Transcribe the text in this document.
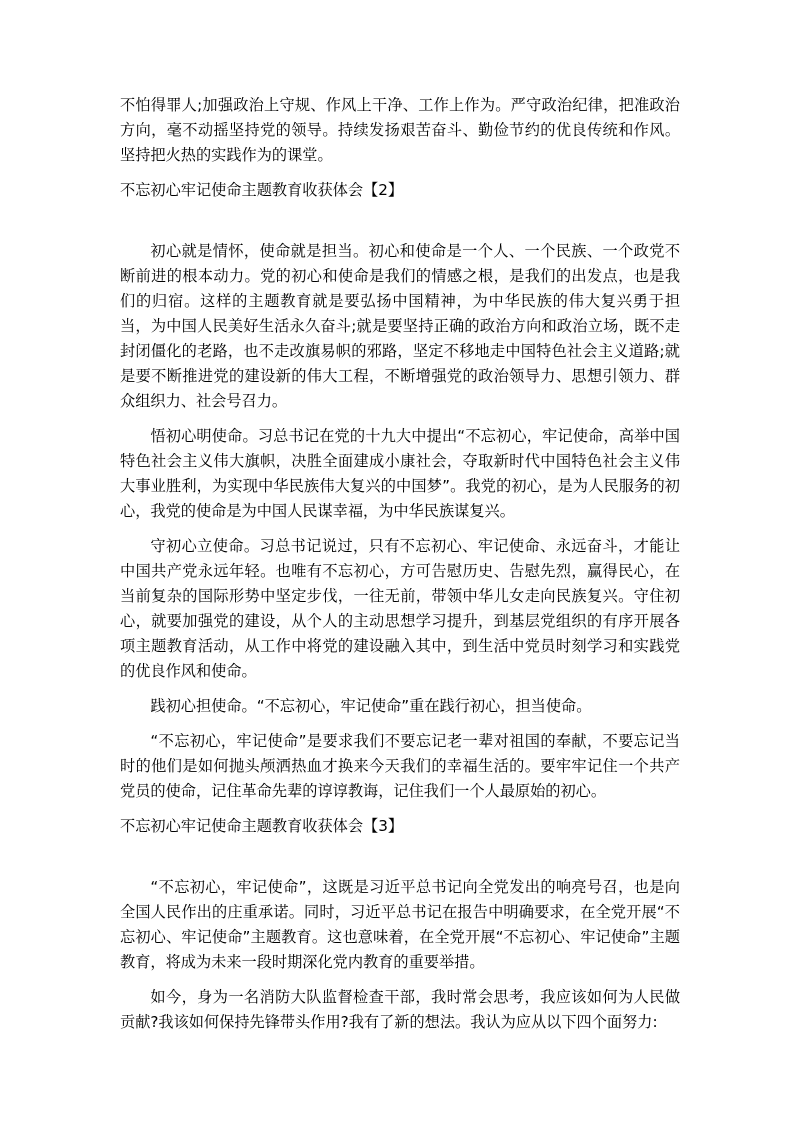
不怕得罪人;加强政治上守规、作风上干净、工作上作为。严守政治纪律，把准政治方向，毫不动摇坚持党的领导。持续发扬艰苦奋斗、勤俭节约的优良传统和作风。坚持把火热的实践作为的课堂。

不忘初心牢记使命主题教育收获体会【2】

初心就是情怀，使命就是担当。初心和使命是一个人、一个民族、一个政党不断前进的根本动力。党的初心和使命是我们的情感之根，是我们的出发点，也是我们的归宿。这样的主题教育就是要弘扬中国精神，为中华民族的伟大复兴勇于担当，为中国人民美好生活永久奋斗;就是要坚持正确的政治方向和政治立场，既不走封闭僵化的老路，也不走改旗易帜的邪路，坚定不移地走中国特色社会主义道路;就是要不断推进党的建设新的伟大工程，不断增强党的政治领导力、思想引领力、群众组织力、社会号召力。

悟初心明使命。习总书记在党的十九大中提出“不忘初心，牢记使命，高举中国特色社会主义伟大旗帜，决胜全面建成小康社会，夺取新时代中国特色社会主义伟大事业胜利，为实现中华民族伟大复兴的中国梦”。我党的初心，是为人民服务的初心，我党的使命是为中国人民谋幸福，为中华民族谋复兴。

守初心立使命。习总书记说过，只有不忘初心、牢记使命、永远奋斗，才能让中国共产党永远年轻。也唯有不忘初心，方可告慰历史、告慰先烈，赢得民心，在当前复杂的国际形势中坚定步伐，一往无前，带领中华儿女走向民族复兴。守住初心，就要加强党的建设，从个人的主动思想学习提升，到基层党组织的有序开展各项主题教育活动，从工作中将党的建设融入其中，到生活中党员时刻学习和实践党的优良作风和使命。

践初心担使命。“不忘初心，牢记使命”重在践行初心，担当使命。

“不忘初心，牢记使命”是要求我们不要忘记老一辈对祖国的奉献，不要忘记当时的他们是如何抛头颅洒热血才换来今天我们的幸福生活的。要牢牢记住一个共产党员的使命，记住革命先辈的谆谆教诲，记住我们一个人最原始的初心。

不忘初心牢记使命主题教育收获体会【3】

“不忘初心，牢记使命”，这既是习近平总书记向全党发出的响亮号召，也是向全国人民作出的庄重承诺。同时，习近平总书记在报告中明确要求，在全党开展“不忘初心、牢记使命”主题教育。这也意味着，在全党开展“不忘初心、牢记使命”主题教育，将成为未来一段时期深化党内教育的重要举措。

如今，身为一名消防大队监督检查干部，我时常会思考，我应该如何为人民做贡献?我该如何保持先锋带头作用?我有了新的想法。我认为应从以下四个面努力:
